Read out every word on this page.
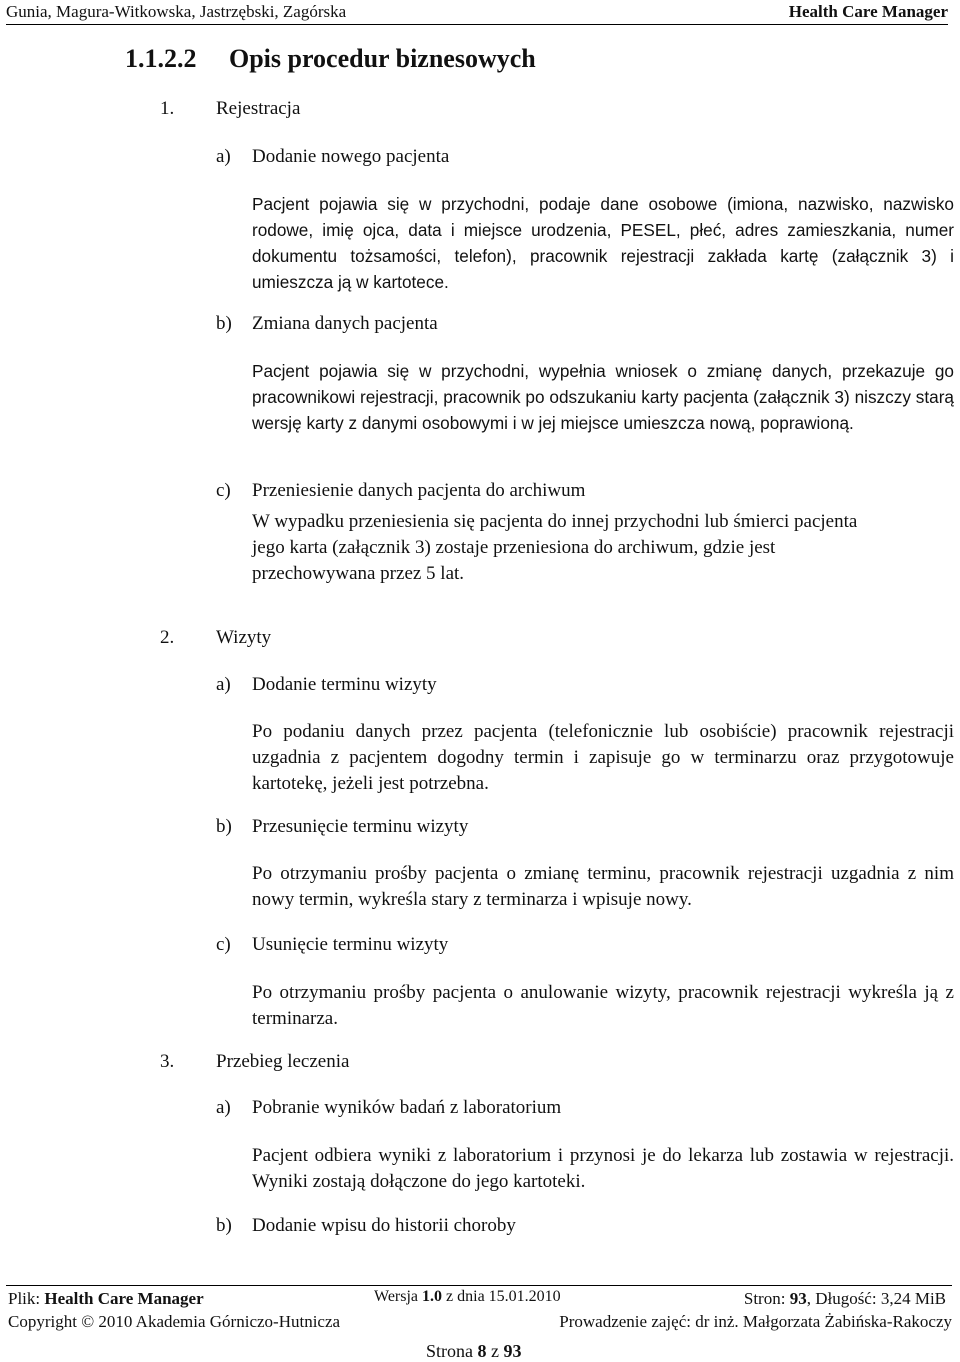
Gunia, Magura-Witkowska, Jastrzębski, Zagórska	Health Care Manager
1.1.2.2 Opis procedur biznesowych
1. Rejestracja
a) Dodanie nowego pacjenta
Pacjent pojawia się w przychodni, podaje dane osobowe (imiona, nazwisko, nazwisko rodowe, imię ojca, data i miejsce urodzenia, PESEL, płeć, adres zamieszkania, numer dokumentu tożsamości, telefon), pracownik rejestracji zakłada kartę (załącznik 3) i umieszcza ją w kartotece.
b) Zmiana danych pacjenta
Pacjent pojawia się w przychodni, wypełnia wniosek o zmianę danych, przekazuje go pracownikowi rejestracji, pracownik po odszukaniu karty pacjenta (załącznik 3) niszczy starą wersję karty z danymi osobowymi i w jej miejsce umieszcza nową, poprawioną.
c) Przeniesienie danych pacjenta do archiwum
W wypadku przeniesienia się pacjenta do innej przychodni lub śmierci pacjenta jego karta (załącznik 3) zostaje przeniesiona do archiwum, gdzie jest przechowywana przez 5 lat.
2. Wizyty
a) Dodanie terminu wizyty
Po podaniu danych przez pacjenta (telefonicznie lub osobiście) pracownik rejestracji uzgadnia z pacjentem dogodny termin i zapisuje go w terminarzu oraz przygotowuje kartotekę, jeżeli jest potrzebna.
b) Przesunięcie terminu wizyty
Po otrzymaniu prośby pacjenta o zmianę terminu, pracownik rejestracji uzgadnia z nim nowy termin, wykreśla stary z terminarza i wpisuje nowy.
c) Usunięcie terminu wizyty
Po otrzymaniu prośby pacjenta o anulowanie wizyty, pracownik rejestracji wykreśla ją z terminarza.
3. Przebieg leczenia
a) Pobranie wyników badań z laboratorium
Pacjent odbiera wyniki z laboratorium i przynosi je do lekarza lub zostawia w rejestracji. Wyniki zostają dołączone do jego kartoteki.
b) Dodanie wpisu do historii choroby
Plik: Health Care Manager	Wersja 1.0 z dnia 15.01.2010	Stron: 93, Długość: 3,24 MiB
Copyright © 2010 Akademia Górniczo-Hutnicza	Prowadzenie zajęć: dr inż. Małgorzata Żabińska-Rakoczy
Strona 8 z 93
